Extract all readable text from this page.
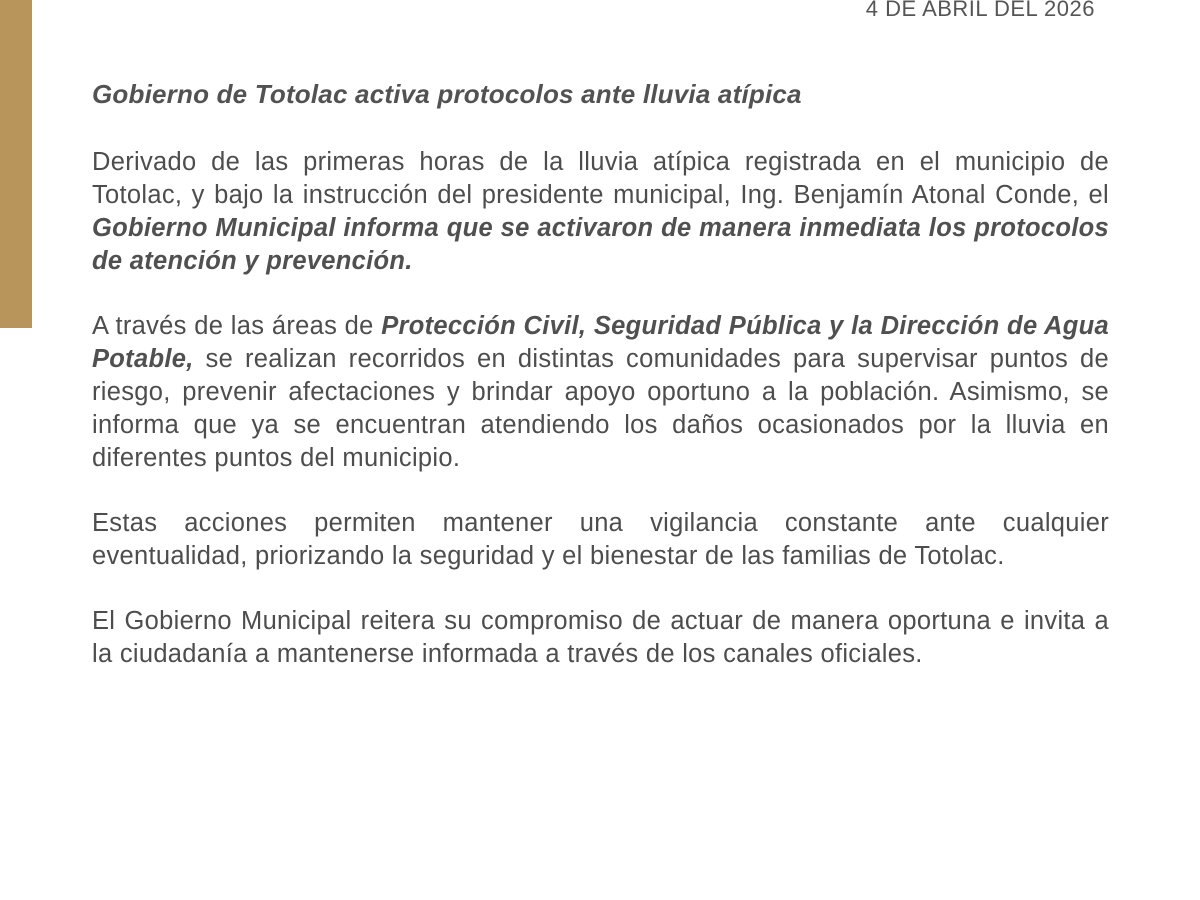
4 DE ABRIL DEL 2026
Gobierno de Totolac activa protocolos ante lluvia atípica

Derivado de las primeras horas de la lluvia atípica registrada en el municipio de Totolac, y bajo la instrucción del presidente municipal, Ing. Benjamín Atonal Conde, el Gobierno Municipal informa que se activaron de manera inmediata los protocolos de atención y prevención.

A través de las áreas de Protección Civil, Seguridad Pública y la Dirección de Agua Potable, se realizan recorridos en distintas comunidades para supervisar puntos de riesgo, prevenir afectaciones y brindar apoyo oportuno a la población. Asimismo, se informa que ya se encuentran atendiendo los daños ocasionados por la lluvia en diferentes puntos del municipio.

Estas acciones permiten mantener una vigilancia constante ante cualquier eventualidad, priorizando la seguridad y el bienestar de las familias de Totolac.

El Gobierno Municipal reitera su compromiso de actuar de manera oportuna e invita a la ciudadanía a mantenerse informada a través de los canales oficiales.
